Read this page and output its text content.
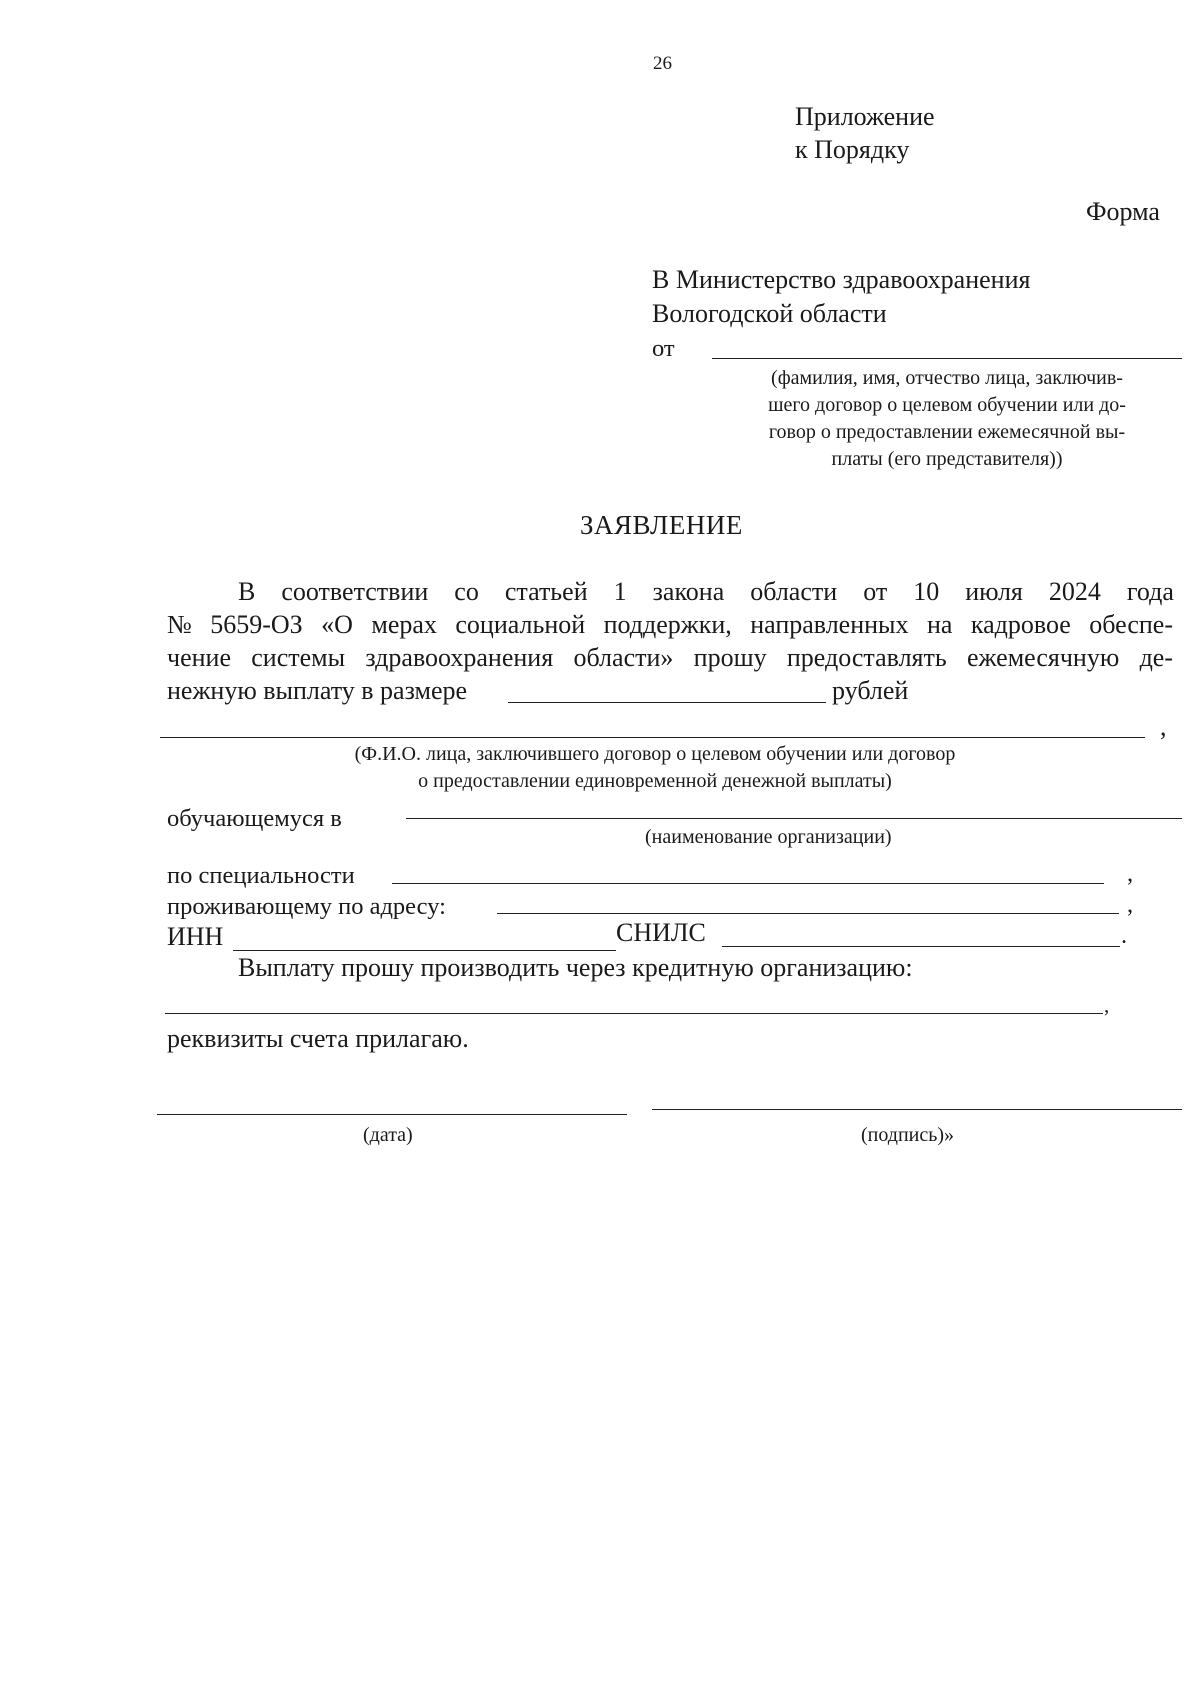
26
Приложение
к Порядку
Форма
В Министерство здравоохранения
Вологодской области
от
(фамилия, имя, отчество лица, заключив-
шего договор о целевом обучении или до-
говор о предоставлении ежемесячной вы-
платы (его представителя))
ЗАЯВЛЕНИЕ
В соответствии со статьей 1 закона области от 10 июля 2024 года
№ 5659-ОЗ «О мерах социальной поддержки, направленных на кадровое обеспе-
чение системы здравоохранения области» прошу предоставлять ежемесячную де-
нежную выплату в размере	рублей
,
(Ф.И.О. лица, заключившего договор о целевом обучении или договор
о предоставлении единовременной денежной выплаты)
обучающемуся в
(наименование организации)
по специальности	,
проживающему по адресу:	,
ИНН	СНИЛС	.
Выплату прошу производить через кредитную организацию:
,
реквизиты счета прилагаю.
(дата)	(подпись)»
